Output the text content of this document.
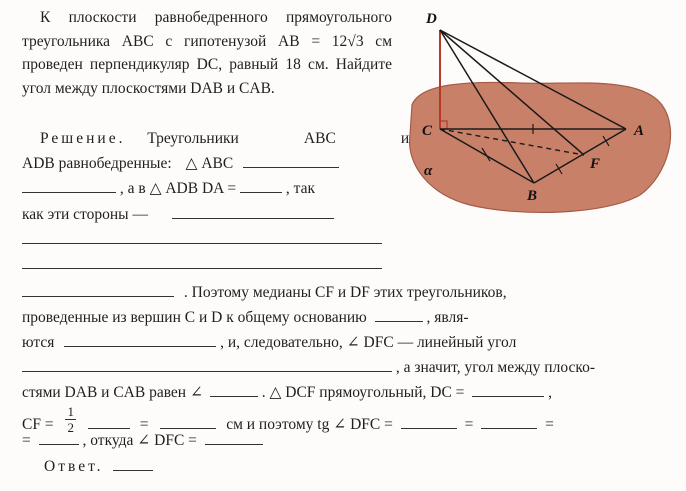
К плоскости равнобедренного прямоугольного треугольника ABC с гипотенузой AB = 12√3 см проведен перпендикуляр DC, равный 18 см. Найдите угол между плоскостями DAB и CAB.
Решение. Треугольники ABC и
ADB равнобедренные: △ ABC
, а в △ ADB DA =	, так
как эти стороны —
. Поэтому медианы CF и DF этих треугольников,
проведенные из вершин C и D к общему основанию	, явля-
ются	, и, следовательно, ∠ DFC — линейный угол
, а значит, угол между плоско-
стями DAB и CAB равен ∠	. △ DCF прямоугольный, DC =	,
CF = $\frac{1}{2}$	=	см и поэтому tg ∠ DFC =	=	=
=	, откуда ∠ DFC =
Ответ.
D
C	A
F
B
α
